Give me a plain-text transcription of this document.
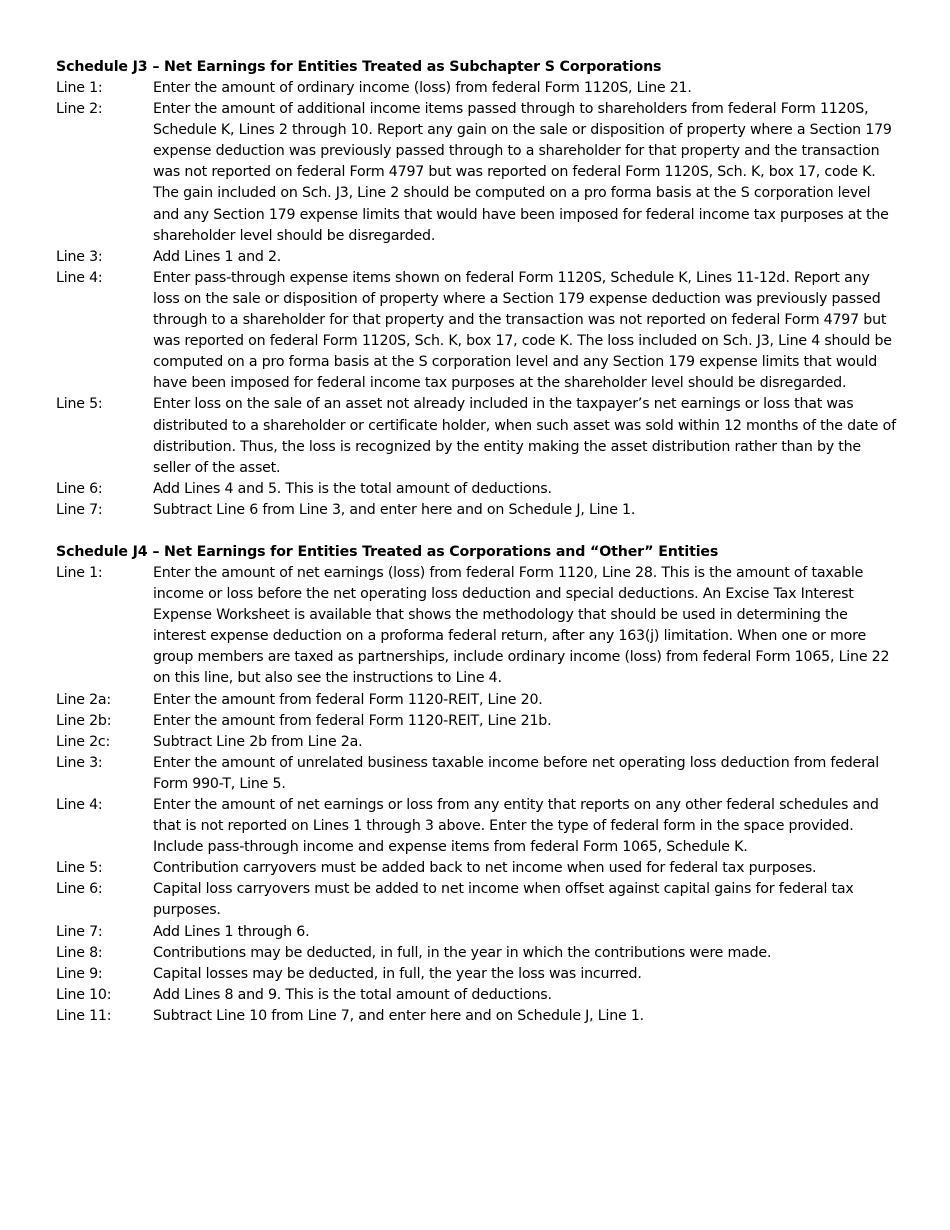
Schedule J3 – Net Earnings for Entities Treated as Subchapter S Corporations
Line 1:	Enter the amount of ordinary income (loss) from federal Form 1120S, Line 21.
Line 2:	Enter the amount of additional income items passed through to shareholders from federal Form 1120S, Schedule K, Lines 2 through 10. Report any gain on the sale or disposition of property where a Section 179 expense deduction was previously passed through to a shareholder for that property and the transaction was not reported on federal Form 4797 but was reported on federal Form 1120S, Sch. K, box 17, code K. The gain included on Sch. J3, Line 2 should be computed on a pro forma basis at the S corporation level and any Section 179 expense limits that would have been imposed for federal income tax purposes at the shareholder level should be disregarded.
Line 3:	Add Lines 1 and 2.
Line 4:	Enter pass-through expense items shown on federal Form 1120S, Schedule K, Lines 11-12d. Report any loss on the sale or disposition of property where a Section 179 expense deduction was previously passed through to a shareholder for that property and the transaction was not reported on federal Form 4797 but was reported on federal Form 1120S, Sch. K, box 17, code K. The loss included on Sch. J3, Line 4 should be computed on a pro forma basis at the S corporation level and any Section 179 expense limits that would have been imposed for federal income tax purposes at the shareholder level should be disregarded.
Line 5:	Enter loss on the sale of an asset not already included in the taxpayer’s net earnings or loss that was distributed to a shareholder or certificate holder, when such asset was sold within 12 months of the date of distribution. Thus, the loss is recognized by the entity making the asset distribution rather than by the seller of the asset.
Line 6:	Add Lines 4 and 5. This is the total amount of deductions.
Line 7:	Subtract Line 6 from Line 3, and enter here and on Schedule J, Line 1.
Schedule J4 – Net Earnings for Entities Treated as Corporations and “Other” Entities
Line 1:	Enter the amount of net earnings (loss) from federal Form 1120, Line 28. This is the amount of taxable income or loss before the net operating loss deduction and special deductions. An Excise Tax Interest Expense Worksheet is available that shows the methodology that should be used in determining the interest expense deduction on a proforma federal return, after any 163(j) limitation. When one or more group members are taxed as partnerships, include ordinary income (loss) from federal Form 1065, Line 22 on this line, but also see the instructions to Line 4.
Line 2a:	Enter the amount from federal Form 1120-REIT, Line 20.
Line 2b:	Enter the amount from federal Form 1120-REIT, Line 21b.
Line 2c:	Subtract Line 2b from Line 2a.
Line 3:	Enter the amount of unrelated business taxable income before net operating loss deduction from federal Form 990-T, Line 5.
Line 4:	Enter the amount of net earnings or loss from any entity that reports on any other federal schedules and that is not reported on Lines 1 through 3 above. Enter the type of federal form in the space provided. Include pass-through income and expense items from federal Form 1065, Schedule K.
Line 5:	Contribution carryovers must be added back to net income when used for federal tax purposes.
Line 6:	Capital loss carryovers must be added to net income when offset against capital gains for federal tax purposes.
Line 7:	Add Lines 1 through 6.
Line 8:	Contributions may be deducted, in full, in the year in which the contributions were made.
Line 9:	Capital losses may be deducted, in full, the year the loss was incurred.
Line 10:	Add Lines 8 and 9. This is the total amount of deductions.
Line 11:	Subtract Line 10 from Line 7, and enter here and on Schedule J, Line 1.
